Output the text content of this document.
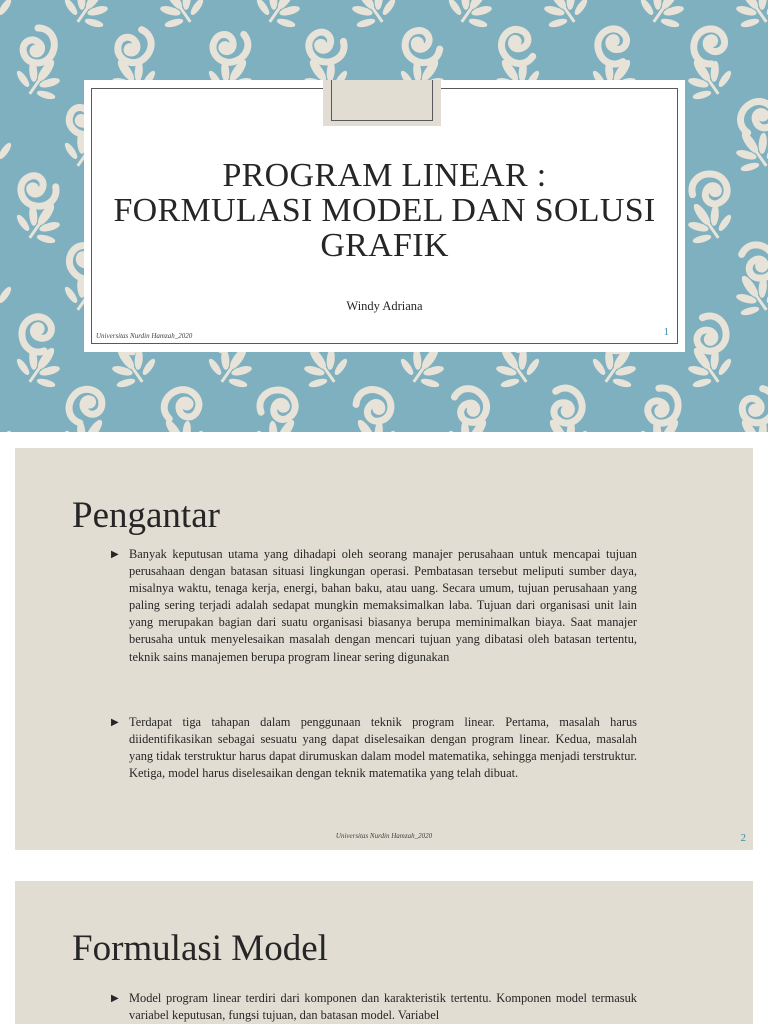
PROGRAM LINEAR :
FORMULASI MODEL DAN SOLUSI
GRAFIK
Windy Adriana
Universitas Nurdin Hamzah_2020	1
Pengantar
▶ Banyak keputusan utama yang dihadapi oleh seorang manajer perusahaan untuk mencapai tujuan perusahaan dengan batasan situasi lingkungan operasi. Pembatasan tersebut meliputi sumber daya, misalnya waktu, tenaga kerja, energi, bahan baku, atau uang. Secara umum, tujuan perusahaan yang paling sering terjadi adalah sedapat mungkin memaksimalkan laba. Tujuan dari organisasi unit lain yang merupakan bagian dari suatu organisasi biasanya berupa meminimalkan biaya. Saat manajer berusaha untuk menyelesaikan masalah dengan mencari tujuan yang dibatasi oleh batasan tertentu, teknik sains manajemen berupa program linear sering digunakan
▶ Terdapat tiga tahapan dalam penggunaan teknik program linear. Pertama, masalah harus diidentifikasikan sebagai sesuatu yang dapat diselesaikan dengan program linear. Kedua, masalah yang tidak terstruktur harus dapat dirumuskan dalam model matematika, sehingga menjadi terstruktur. Ketiga, model harus diselesaikan dengan teknik matematika yang telah dibuat.
Universitas Nurdin Hamzah_2020	2
Formulasi Model
▶ Model program linear terdiri dari komponen dan karakteristik tertentu. Komponen model termasuk variabel keputusan, fungsi tujuan, dan batasan model. Variabel
